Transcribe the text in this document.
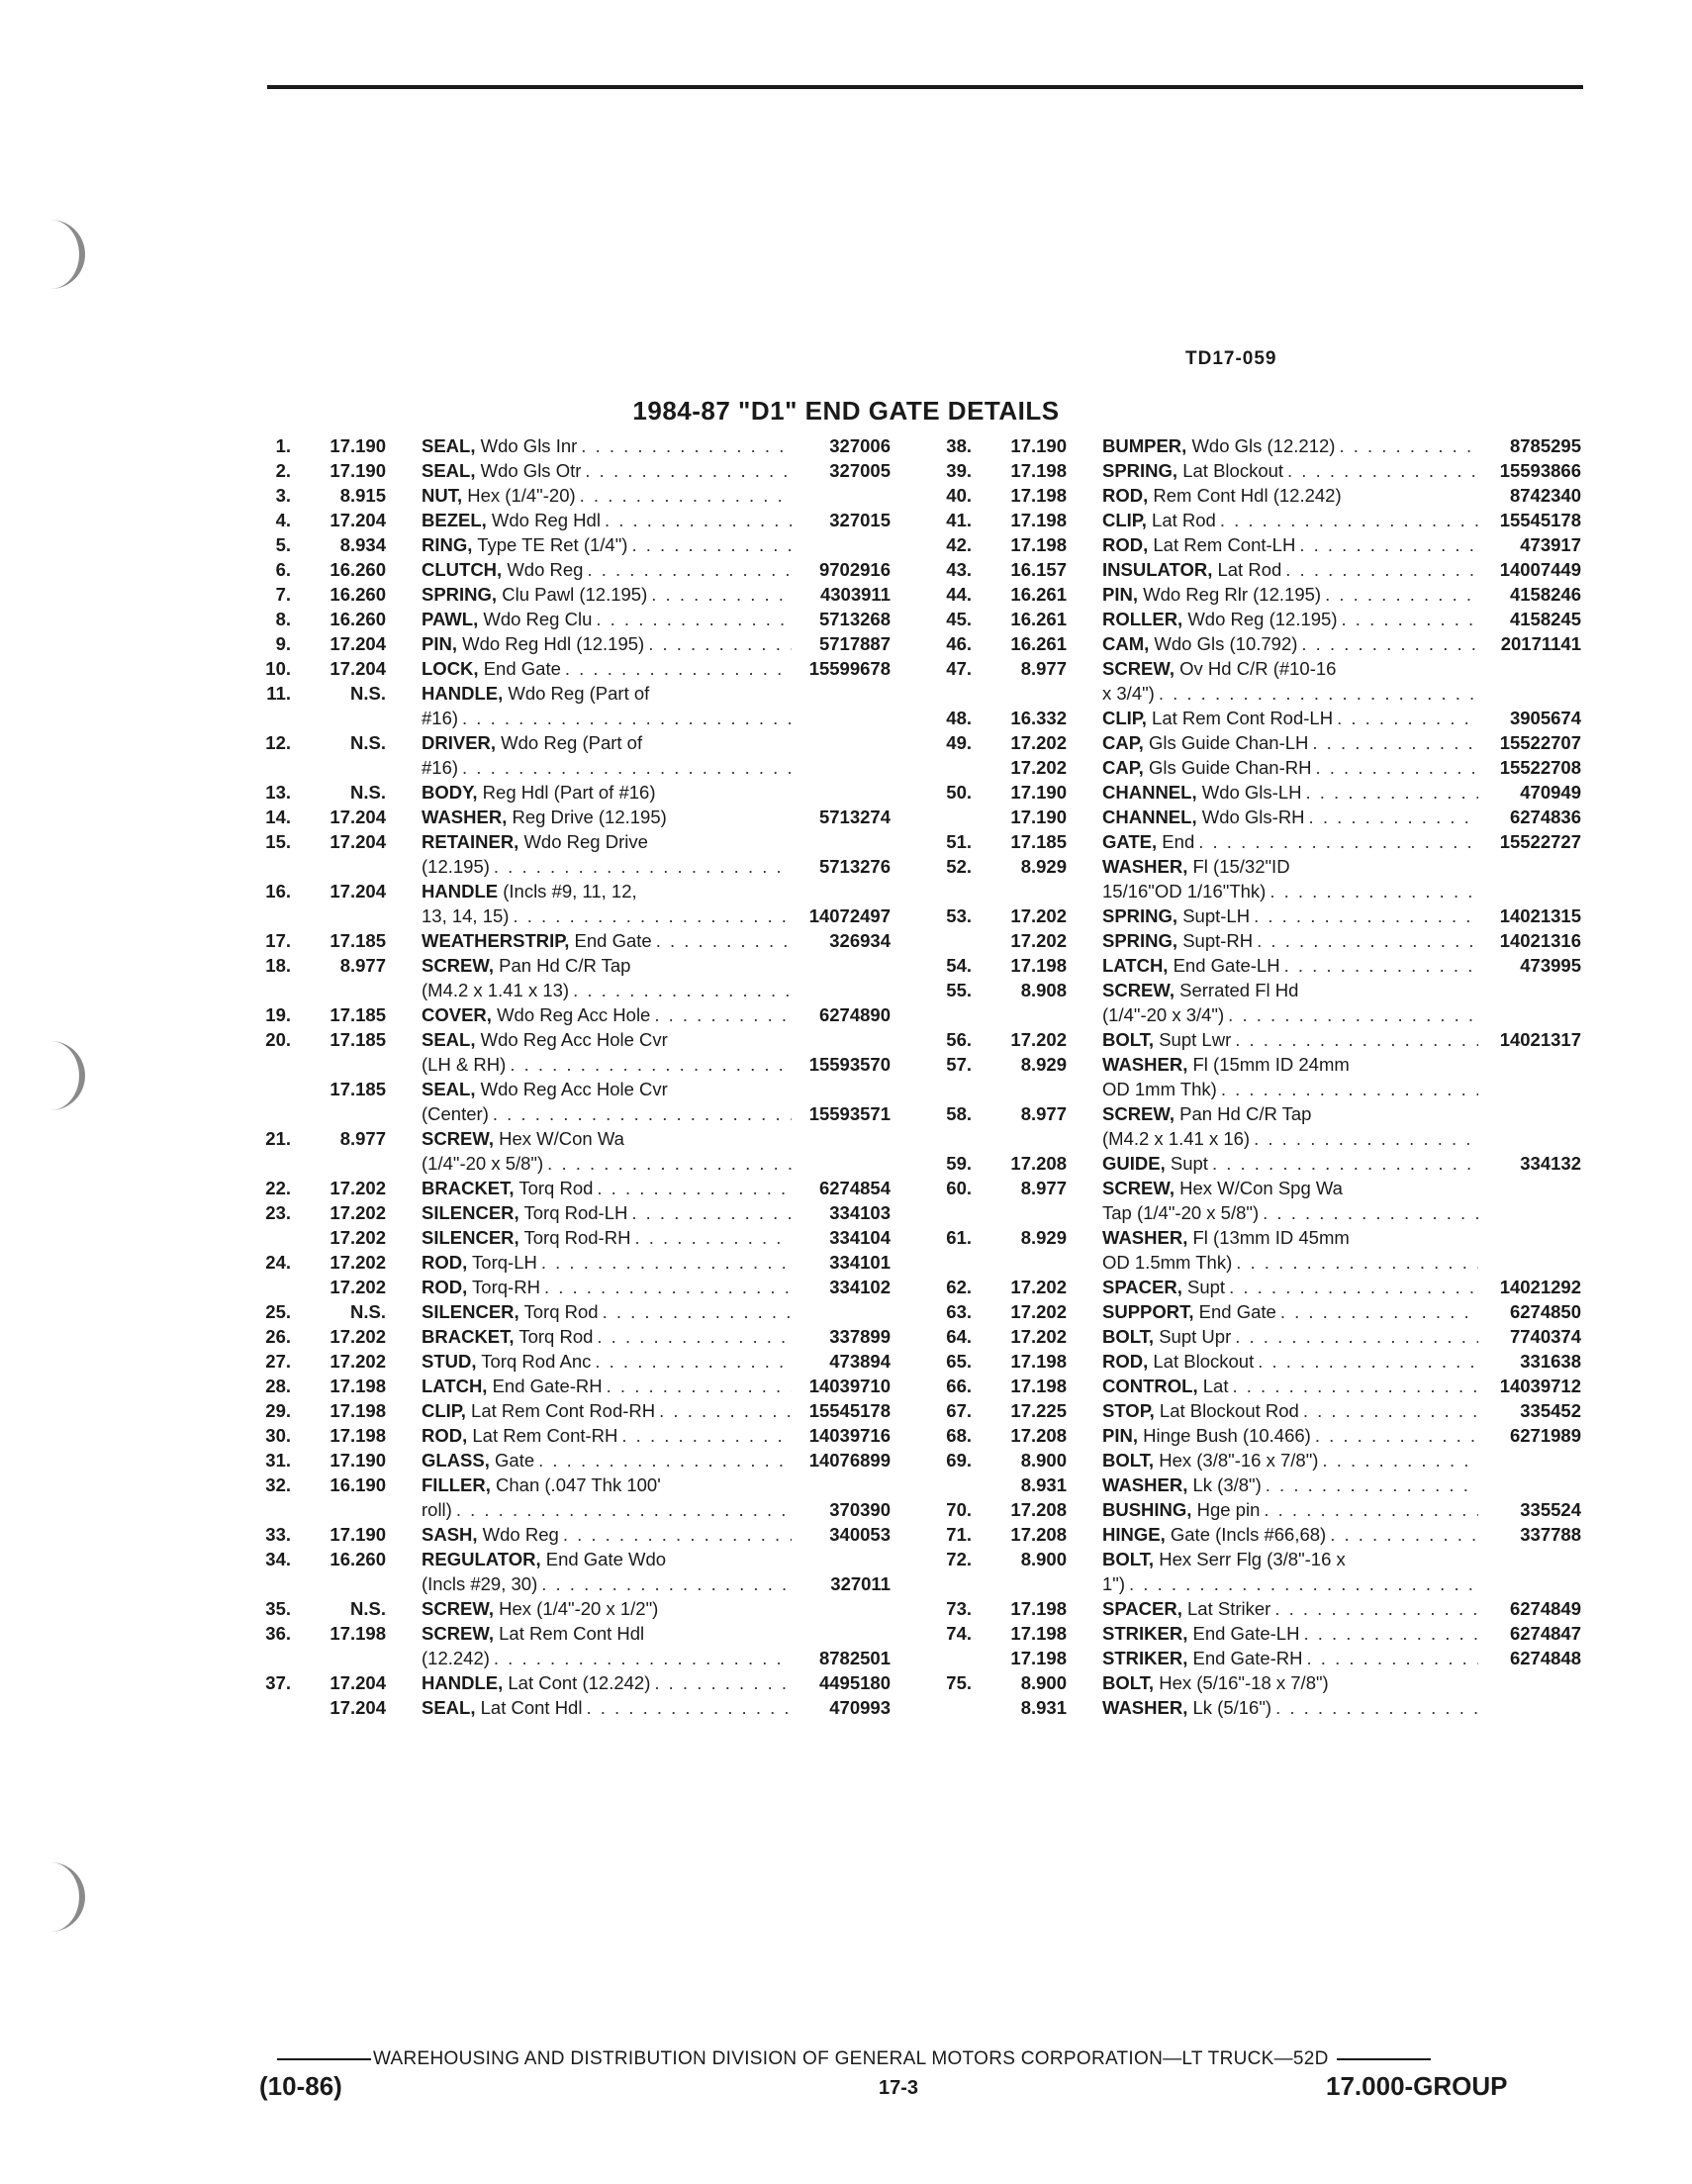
TD17-059
1984-87 "D1" END GATE DETAILS
1.	17.190 SEAL, Wdo Gls Inr . . .	327006
2.	17.190 SEAL, Wdo Gls Otr . . .	327005
3.	8.915 NUT, Hex (1/4"-20)
. . .
4.	17.204 BEZEL, Wdo Reg Hdl . . .	327015
5.	8.934 RING, Type TE Ret (1/4")
. . .
6.	16.260 CLUTCH, Wdo Reg . . .	9702916
7.	16.260 SPRING, Clu Pawl (12.195) . . .	4303911
8.	16.260 PAWL, Wdo Reg Clu . . .	5713268
9.	17.204 PIN, Wdo Reg Hdl (12.195) . . .	5717887
10.	17.204 LOCK, End Gate . . .	15599678
11.	N.S. HANDLE, Wdo Reg (Part of
#16)
. . .
12.	N.S. DRIVER, Wdo Reg (Part of
#16)
. . .
13.	N.S. BODY, Reg Hdl (Part of #16)
14.	17.204 WASHER, Reg Drive (12.195)	5713274
15.	17.204 RETAINER, Wdo Reg Drive
(12.195) . . .	5713276
16.	17.204 HANDLE (Incls #9, 11, 12,
13, 14, 15) . . .	14072497
17.	17.185 WEATHERSTRIP, End Gate . . .	326934
18.	8.977 SCREW, Pan Hd C/R Tap
(M4.2 x 1.41 x 13)
. . .
19.	17.185 COVER, Wdo Reg Acc Hole . . .	6274890
20.	17.185 SEAL, Wdo Reg Acc Hole Cvr
(LH & RH) . . .	15593570
17.185 SEAL, Wdo Reg Acc Hole Cvr
(Center) . . .	15593571
21.	8.977 SCREW, Hex W/Con Wa
(1/4"-20 x 5/8")
. . .
22.	17.202 BRACKET, Torq Rod . . .	6274854
23.	17.202 SILENCER, Torq Rod-LH . . .	334103
17.202 SILENCER, Torq Rod-RH . . .	334104
24.	17.202 ROD, Torq-LH . . .	334101
17.202 ROD, Torq-RH . . .	334102
25.	N.S. SILENCER, Torq Rod
. . .
26.	17.202 BRACKET, Torq Rod . . .	337899
27.	17.202 STUD, Torq Rod Anc . . .	473894
28.	17.198 LATCH, End Gate-RH . . .	14039710
29.	17.198 CLIP, Lat Rem Cont Rod-RH . . .	15545178
30.	17.198 ROD, Lat Rem Cont-RH . . .	14039716
31.	17.190 GLASS, Gate . . .	14076899
32.	16.190 FILLER, Chan (.047 Thk 100'
roll) . . .	370390
33.	17.190 SASH, Wdo Reg . . .	340053
34.	16.260 REGULATOR, End Gate Wdo
(Incls #29, 30) . . .	327011
35.	N.S. SCREW, Hex (1/4"-20 x 1/2")
36.	17.198 SCREW, Lat Rem Cont Hdl
(12.242) . . .	8782501
37.	17.204 HANDLE, Lat Cont (12.242) . . .	4495180
17.204 SEAL, Lat Cont Hdl . . .	470993
38.	17.190 BUMPER, Wdo Gls (12.212) . . .	8785295
39.	17.198 SPRING, Lat Blockout . . .	15593866
40.	17.198 ROD, Rem Cont Hdl (12.242)	8742340
41.	17.198 CLIP, Lat Rod . . .	15545178
42.	17.198 ROD, Lat Rem Cont-LH . . .	473917
43.	16.157 INSULATOR, Lat Rod . . .	14007449
44.	16.261 PIN, Wdo Reg Rlr (12.195) . . .	4158246
45.	16.261 ROLLER, Wdo Reg (12.195) . . .	4158245
46.	16.261 CAM, Wdo Gls (10.792) . . .	20171141
47.	8.977 SCREW, Ov Hd C/R (#10-16
x 3/4")
. . .
48.	16.332 CLIP, Lat Rem Cont Rod-LH . . .	3905674
49.	17.202 CAP, Gls Guide Chan-LH . . .	15522707
17.202 CAP, Gls Guide Chan-RH . . .	15522708
50.	17.190 CHANNEL, Wdo Gls-LH . . .	470949
17.190 CHANNEL, Wdo Gls-RH . . .	6274836
51.	17.185 GATE, End . . .	15522727
52.	8.929 WASHER, Fl (15/32"ID
15/16"OD 1/16"Thk)
. . .
53.	17.202 SPRING, Supt-LH . . .	14021315
17.202 SPRING, Supt-RH . . .	14021316
54.	17.198 LATCH, End Gate-LH . . .	473995
55.	8.908 SCREW, Serrated Fl Hd
(1/4"-20 x 3/4")
. . .
56.	17.202 BOLT, Supt Lwr . . .	14021317
57.	8.929 WASHER, Fl (15mm ID 24mm
OD 1mm Thk)
. . .
58.	8.977 SCREW, Pan Hd C/R Tap
(M4.2 x 1.41 x 16)
. . .
59.	17.208 GUIDE, Supt . . .	334132
60.	8.977 SCREW, Hex W/Con Spg Wa
Tap (1/4"-20 x 5/8")
. . .
61.	8.929 WASHER, Fl (13mm ID 45mm
OD 1.5mm Thk)
. . .
62.	17.202 SPACER, Supt . . .	14021292
63.	17.202 SUPPORT, End Gate . . .	6274850
64.	17.202 BOLT, Supt Upr . . .	7740374
65.	17.198 ROD, Lat Blockout . . .	331638
66.	17.198 CONTROL, Lat . . .	14039712
67.	17.225 STOP, Lat Blockout Rod . . .	335452
68.	17.208 PIN, Hinge Bush (10.466) . . .	6271989
69.	8.900 BOLT, Hex (3/8"-16 x 7/8")
. . .
8.931 WASHER, Lk (3/8")
. . .
70.	17.208 BUSHING, Hge pin . . .	335524
71.	17.208 HINGE, Gate (Incls #66,68) . . .	337788
72.	8.900 BOLT, Hex Serr Flg (3/8"-16 x
1")
. . .
73.	17.198 SPACER, Lat Striker . . .	6274849
74.	17.198 STRIKER, End Gate-LH . . .	6274847
17.198 STRIKER, End Gate-RH . . .	6274848
75.	8.900 BOLT, Hex (5/16"-18 x 7/8")
8.931 WASHER, Lk (5/16")
. . .
WAREHOUSING AND DISTRIBUTION DIVISION OF GENERAL MOTORS CORPORATION—LT TRUCK—52D
(10-86)	17-3	17.000-GROUP
